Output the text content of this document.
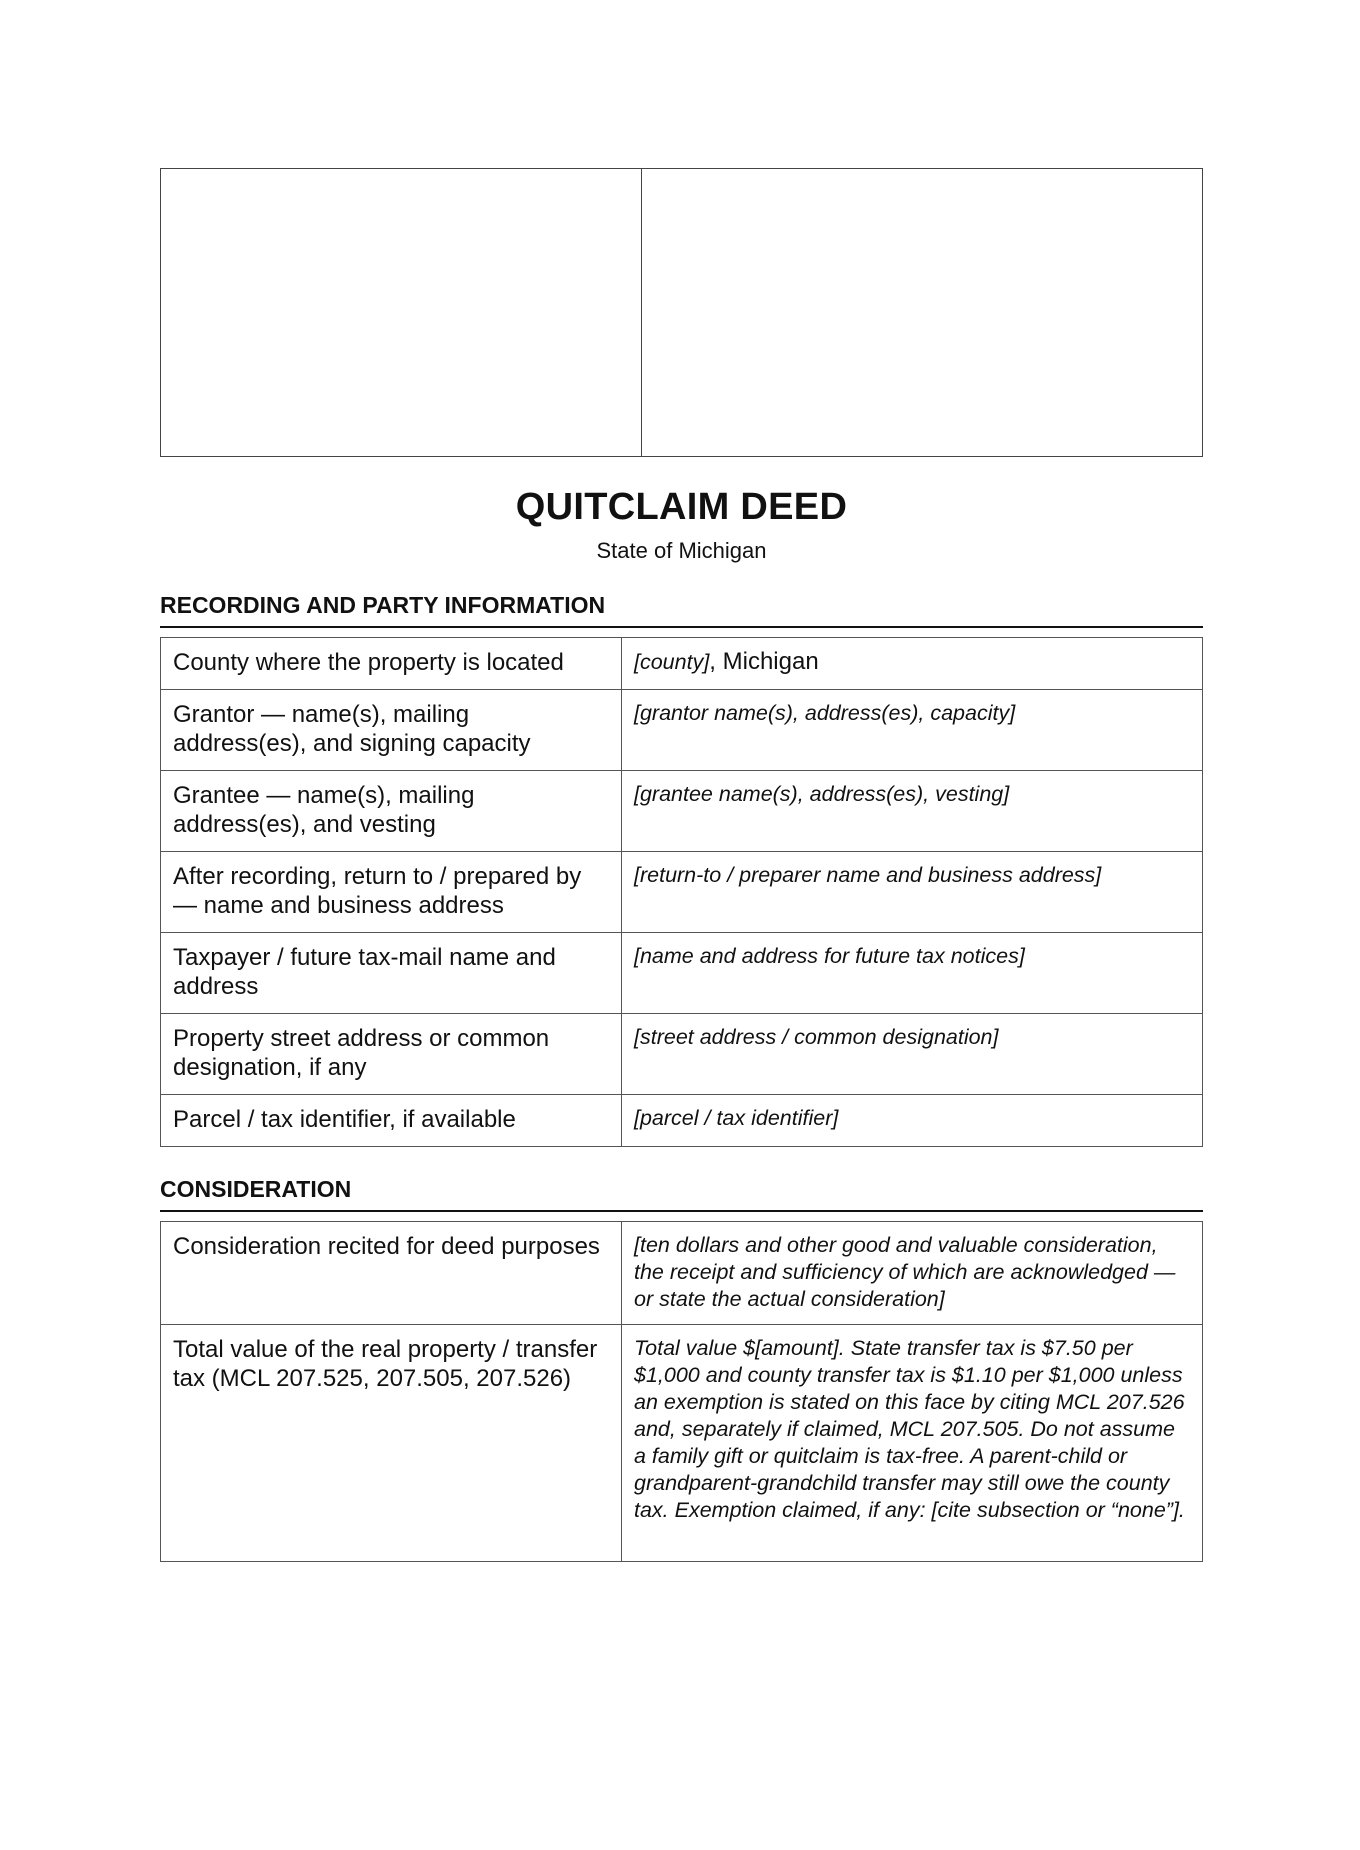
QUITCLAIM DEED
State of Michigan
RECORDING AND PARTY INFORMATION
County where the property is located	[county], Michigan
Grantor — name(s), mailing address(es), and signing capacity	[grantor name(s), address(es), capacity]
Grantee — name(s), mailing address(es), and vesting	[grantee name(s), address(es), vesting]
After recording, return to / prepared by — name and business address	[return-to / preparer name and business address]
Taxpayer / future tax-mail name and address	[name and address for future tax notices]
Property street address or common designation, if any	[street address / common designation]
Parcel / tax identifier, if available	[parcel / tax identifier]
CONSIDERATION
Consideration recited for deed purposes	[ten dollars and other good and valuable consideration, the receipt and sufficiency of which are acknowledged — or state the actual consideration]
Total value of the real property / transfer tax (MCL 207.525, 207.505, 207.526)	Total value $[amount]. State transfer tax is $7.50 per $1,000 and county transfer tax is $1.10 per $1,000 unless an exemption is stated on this face by citing MCL 207.526 and, separately if claimed, MCL 207.505. Do not assume a family gift or quitclaim is tax-free. A parent-child or grandparent-grandchild transfer may still owe the county tax. Exemption claimed, if any: [cite subsection or “none”].
